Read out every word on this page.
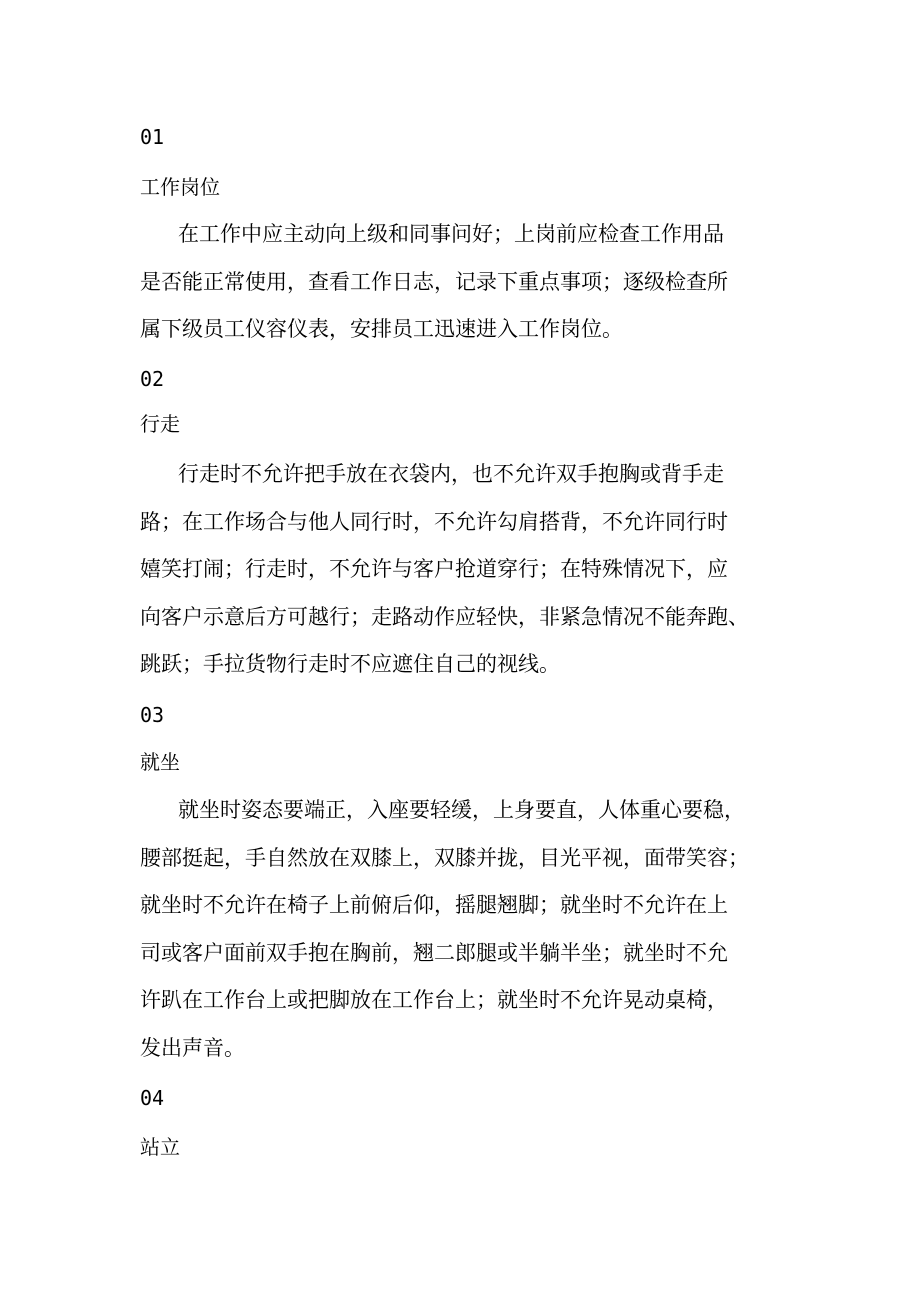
01
工作岗位
在工作中应主动向上级和同事问好；上岗前应检查工作用品
是否能正常使用，查看工作日志，记录下重点事项；逐级检查所
属下级员工仪容仪表，安排员工迅速进入工作岗位。
02
行走
行走时不允许把手放在衣袋内，也不允许双手抱胸或背手走
路；在工作场合与他人同行时，不允许勾肩搭背，不允许同行时
嬉笑打闹；行走时，不允许与客户抢道穿行；在特殊情况下，应
向客户示意后方可越行；走路动作应轻快，非紧急情况不能奔跑、
跳跃；手拉货物行走时不应遮住自己的视线。
03
就坐
就坐时姿态要端正，入座要轻缓，上身要直，人体重心要稳，
腰部挺起，手自然放在双膝上，双膝并拢，目光平视，面带笑容；
就坐时不允许在椅子上前俯后仰，摇腿翘脚；就坐时不允许在上
司或客户面前双手抱在胸前，翘二郎腿或半躺半坐；就坐时不允
许趴在工作台上或把脚放在工作台上；就坐时不允许晃动桌椅，
发出声音。
04
站立
